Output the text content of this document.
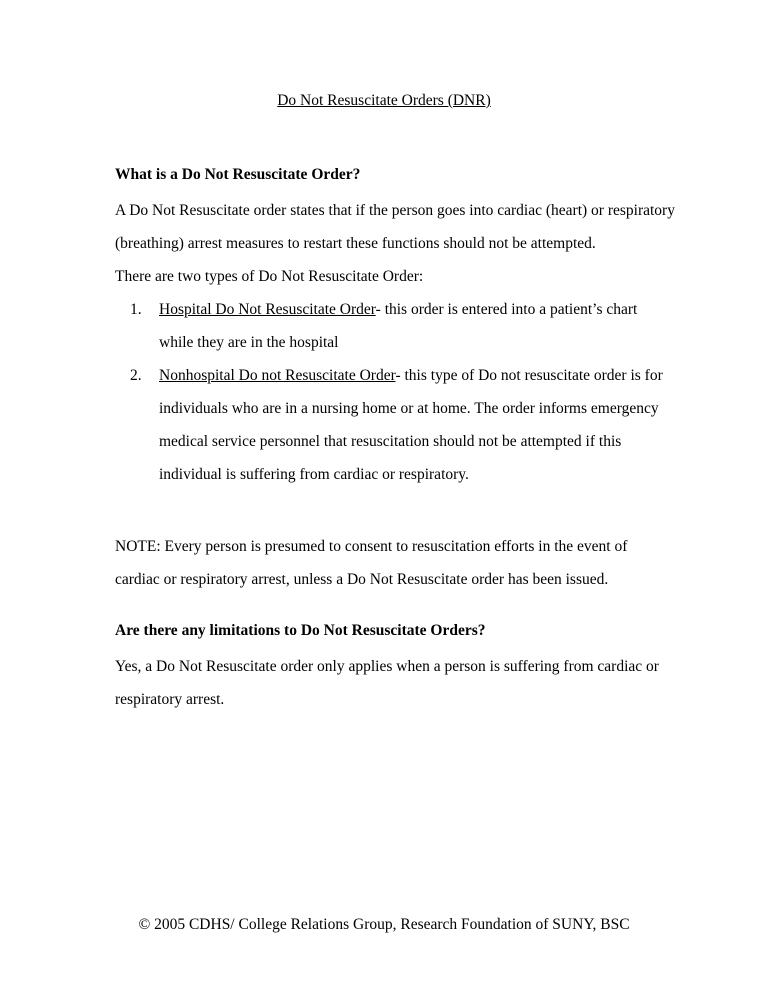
Do Not Resuscitate Orders (DNR)

What is a Do Not Resuscitate Order?

A Do Not Resuscitate order states that if the person goes into cardiac (heart) or respiratory (breathing) arrest measures to restart these functions should not be attempted.

There are two types of Do Not Resuscitate Order:

1. Hospital Do Not Resuscitate Order- this order is entered into a patient’s chart while they are in the hospital
2. Nonhospital Do not Resuscitate Order- this type of Do not resuscitate order is for individuals who are in a nursing home or at home. The order informs emergency medical service personnel that resuscitation should not be attempted if this individual is suffering from cardiac or respiratory.

NOTE: Every person is presumed to consent to resuscitation efforts in the event of cardiac or respiratory arrest, unless a Do Not Resuscitate order has been issued.

Are there any limitations to Do Not Resuscitate Orders?

Yes, a Do Not Resuscitate order only applies when a person is suffering from cardiac or respiratory arrest.

© 2005 CDHS/ College Relations Group, Research Foundation of SUNY, BSC
